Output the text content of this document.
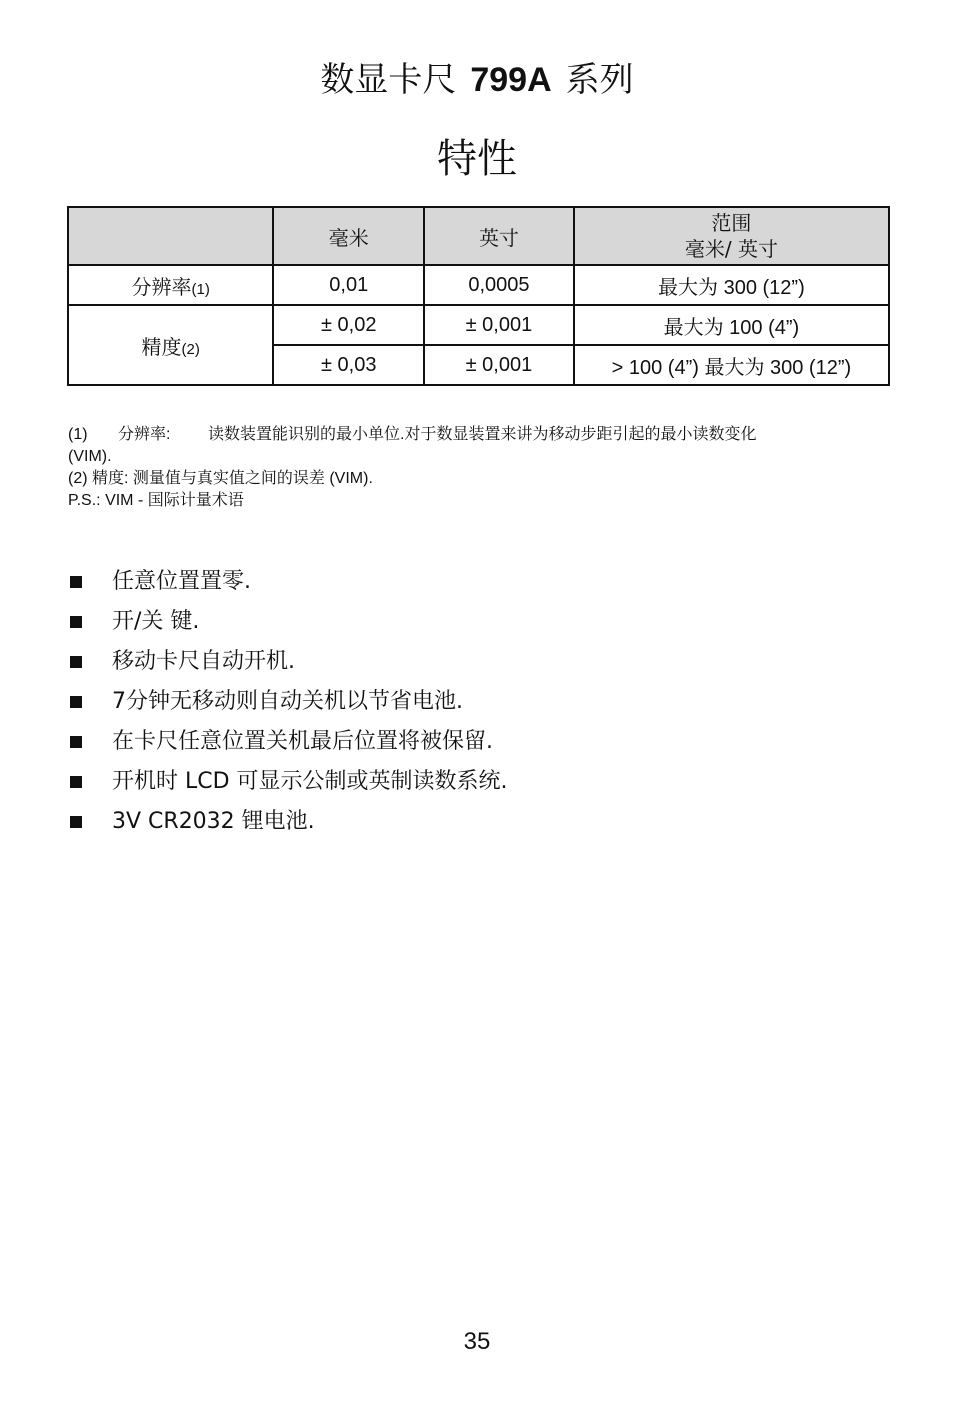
数显卡尺 799A 系列
特性
	毫米	英寸	范围
毫米/ 英寸

分辨率(1)	0,01	0,0005	最大为 300 (12”)
精度(2)	± 0,02	± 0,001	最大为 100 (4”)
	± 0,03	± 0,001	> 100 (4”) 最大为 300 (12”)
(1) 分辨率: 读数装置能识别的最小单位.对于数显装置来讲为移动步距引起的最小读数变化
(VIM).
(2) 精度: 测量值与真实值之间的误差 (VIM).
P.S.: VIM - 国际计量术语
任意位置置零.
开/关 键.
移动卡尺自动开机.
7分钟无移动则自动关机以节省电池.
在卡尺任意位置关机最后位置将被保留.
开机时 LCD 可显示公制或英制读数系统.
3V CR2032 锂电池.
35
